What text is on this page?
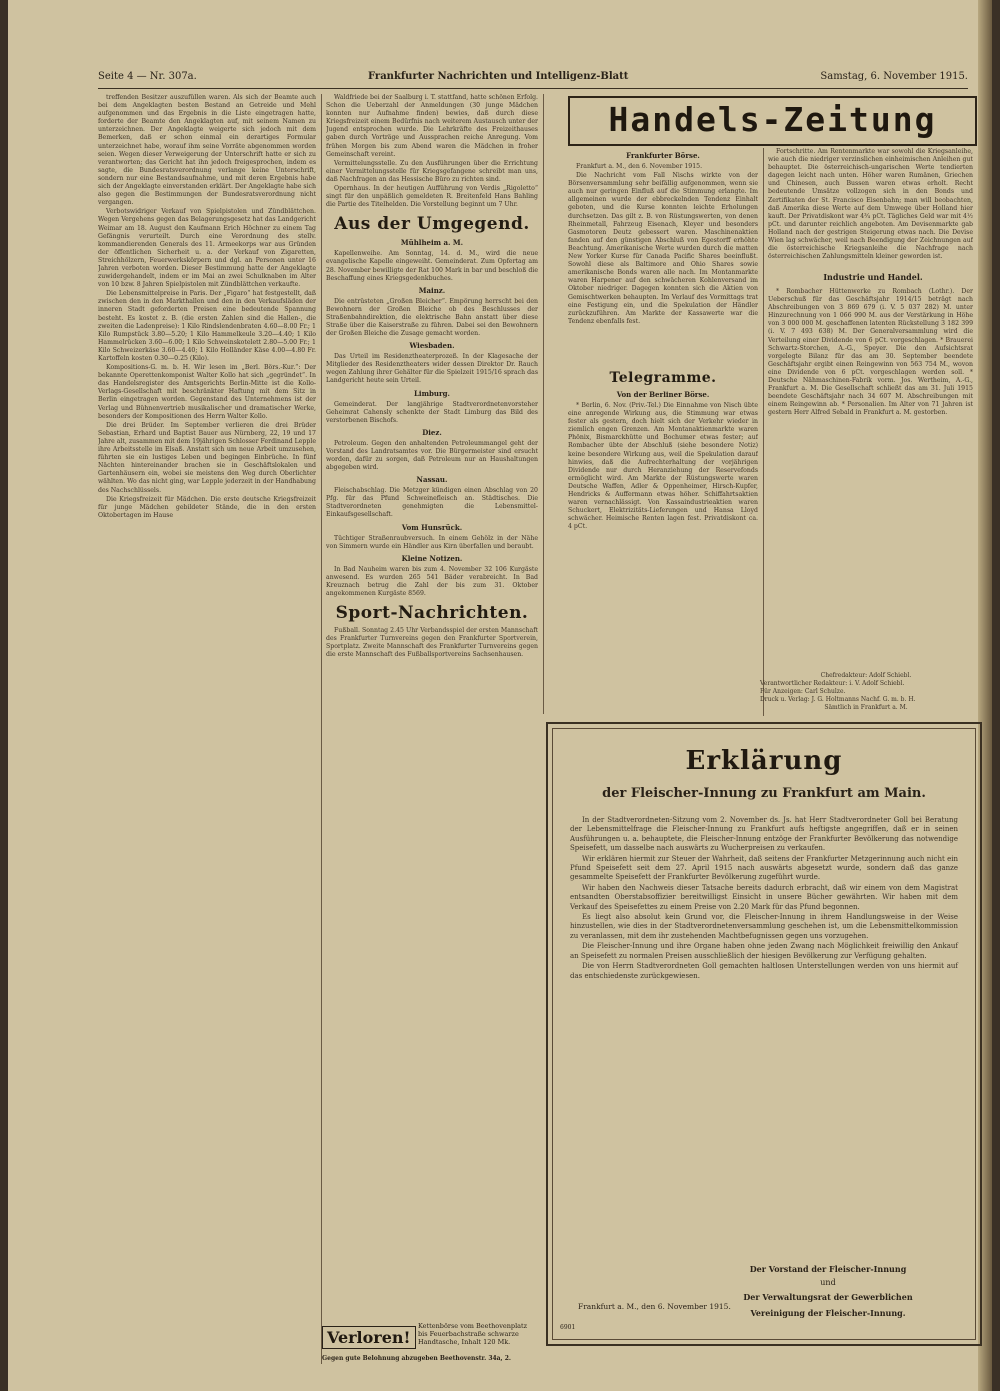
Seite 4 — Nr. 307a.	Frankfurter Nachrichten und Intelligenz-Blatt	Samstag, 6. November 1915.

treffenden Besitzer auszufüllen waren. Als sich der Beamte auch bei dem Angeklagten besten Bestand an Getreide und Mehl aufgenommen und das Ergebnis in die Liste eingetragen hatte, forderte der Beamte den Angeklagten auf, mit seinem Namen zu unterzeichnen. Der Angeklagte weigerte sich jedoch mit dem Bemerken, daß er schon einmal ein derartiges Formular unterzeichnet habe, worauf ihm seine Vorräte abgenommen worden seien. Wegen dieser Verweigerung der Unterschrift hatte er sich zu verantworten; das Gericht hat ihn jedoch freigesprochen, indem es sagte, die Bundesratsverordnung verlange keine Unterschrift, sondern nur eine Bestandsaufnahme, und mit deren Ergebnis habe sich der Angeklagte einverstanden erklärt. Der Angeklagte habe sich also gegen die Bestimmungen der Bundesratsverordnung nicht vergangen.

Verbotswidriger Verkauf von Spielpistolen und Zündblättchen. Wegen Vergehens gegen das Belagerungsgesetz hat das Landgericht Weimar am 18. August den Kaufmann Erich Höchner zu einem Tag Gefängnis verurteilt. Durch eine Verordnung des stellv. kommandierenden Generals des 11. Armeekorps war aus Gründen der öffentlichen Sicherheit u. a. der Verkauf von Zigaretten, Streichhölzern, Feuerwerkskörpern und dgl. an Personen unter 16 Jahren verboten worden. Dieser Bestimmung hatte der Angeklagte zuwidergehandelt, indem er im Mai an zwei Schulknaben im Alter von 10 bzw. 8 Jahren Spielpistolen mit Zündblättchen verkaufte.

Die Lebensmittelpreise in Paris. Der „Figaro“ hat festgestellt, daß zwischen den in den Markthallen und den in den Verkaufsläden der inneren Stadt geforderten Preisen eine bedeutende Spannung besteht. Es kostet z. B. (die ersten Zahlen sind die Hallen-, die zweiten die Ladenpreise): 1 Kilo Rindslendenbraten 4.60—8.00 Fr.; 1 Kilo Rumpstück 3.80—5.20; 1 Kilo Hammelkeule 3.20—4.40; 1 Kilo Hammelrücken 3.60—6.00; 1 Kilo Schweinskotelett 2.80—5.00 Fr.; 1 Kilo Schweizerkäse 3.60—4.40; 1 Kilo Holländer Käse 4.00—4.80 Fr. Kartoffeln kosten 0.30—0.25 (Kilo).

Kompositions-G. m. b. H. Wir lesen im „Berl. Börs.-Kur.“: Der bekannte Operettenkomponist Walter Kollo hat sich „gegründet“. In das Handelsregister des Amtsgerichts Berlin-Mitte ist die Kollo-Verlags-Gesellschaft mit beschränkter Haftung mit dem Sitz in Berlin eingetragen worden. Gegenstand des Unternehmens ist der Verlag und Bühnenvertrieb musikalischer und dramatischer Werke, besonders der Kompositionen des Herrn Walter Kollo.

Die drei Brüder. Im September verlieren die drei Brüder Sebastian, Erhard und Baptist Bauer aus Nürnberg, 22, 19 und 17 Jahre alt, zusammen mit dem 19jährigen Schlosser Ferdinand Lepple ihre Arbeitsstelle im Elsaß. Anstatt sich um neue Arbeit umzusehen, führten sie ein lustiges Leben und begingen Einbrüche. In fünf Nächten hintereinander brachen sie in Geschäftslokalen und Gartenhäusern ein, wobei sie meistens den Weg durch Oberlichter wählten. Wo das nicht ging, war Lepple jederzeit in der Handhabung des Nachschlüssels.

Die Kriegsfreizeit für Mädchen. Die erste deutsche Kriegsfreizeit für junge Mädchen gebildeter Stände, die in den ersten Oktobertagen im Hause

Waldfriede bei der Saalburg i. T. stattfand, hatte schönen Erfolg. Schon die Ueberzahl der Anmeldungen (30 junge Mädchen konnten nur Aufnahme finden) bewies, daß durch diese Kriegsfreizeit einem Bedürfnis nach weiterem Austausch unter der Jugend entsprochen wurde. Die Lehrkräfte des Freizeithauses gaben durch Vorträge und Aussprachen reiche Anregung. Vom frühen Morgen bis zum Abend waren die Mädchen in froher Gemeinschaft vereint.

Vermittelungsstelle. Zu den Ausführungen über die Errichtung einer Vermittelungsstelle für Kriegsgefangene schreibt man uns, daß Nachfragen an das Hessische Büro zu richten sind.

Opernhaus. In der heutigen Aufführung von Verdis „Rigoletto“ singt für den unpäßlich gemeldeten R. Breitenfeld Hans Bahling die Partie des Titelhelden. Die Vorstellung beginnt um 7 Uhr.

Aus der Umgegend.
Mühlheim a. M.

Kapellenweihe. Am Sonntag, 14. d. M., wird die neue evangelische Kapelle eingeweiht. Gemeinderat. Zum Opfertag am 28. November bewilligte der Rat 100 Mark in bar und beschloß die Beschaffung eines Kriegsgedenkbuches.

Mainz.

Die entrüsteten „Großen Bleicher“. Empörung herrscht bei den Bewohnern der Großen Bleiche ob des Beschlusses der Straßenbahndirektion, die elektrische Bahn anstatt über diese Straße über die Kaiserstraße zu führen. Dabei sei den Bewohnern der Großen Bleiche die Zusage gemacht worden.

Wiesbaden.

Das Urteil im Residenztheaterprozeß. In der Klagesache der Mitglieder des Residenztheaters wider dessen Direktor Dr. Rauch wegen Zahlung ihrer Gehälter für die Spielzeit 1915/16 sprach das Landgericht heute sein Urteil.

Limburg.

Gemeinderat. Der langjährige Stadtverordnetenvorsteher Geheimrat Cahensly schenkte der Stadt Limburg das Bild des verstorbenen Bischofs.

Diez.

Petroleum. Gegen den anhaltenden Petroleummangel geht der Vorstand des Landratsamtes vor. Die Bürgermeister sind ersucht worden, dafür zu sorgen, daß Petroleum nur an Haushaltungen abgegeben wird.

Nassau.

Fleischabschlag. Die Metzger kündigen einen Abschlag von 20 Pfg. für das Pfund Schweinefleisch an. Städtisches. Die Stadtverordneten genehmigten die Lebensmittel-Einkaufsgesellschaft.

Vom Hunsrück.

Tüchtiger Straßenraubversuch. In einem Gehölz in der Nähe von Simmern wurde ein Händler aus Kirn überfallen und beraubt.

Kleine Notizen.

In Bad Nauheim waren bis zum 4. November 32 106 Kurgäste anwesend. Es wurden 265 541 Bäder verabreicht. In Bad Kreuznach betrug die Zahl der bis zum 31. Oktober angekommenen Kurgäste 8569.

Sport-Nachrichten.

Fußball. Sonntag 2.45 Uhr Verbandsspiel der ersten Mannschaft des Frankfurter Turnvereins gegen den Frankfurter Sportverein, Sportplatz. Zweite Mannschaft des Frankfurter Turnvereins gegen die erste Mannschaft des Fußballsportvereins Sachsenhausen.

Verloren!
Kettenbörse vom Beethovenplatz bis Feuerbachstraße schwarze Handtasche, Inhalt 120 Mk.
Gegen gute Belohnung abzugeben Beethovenstr. 34a, 2.
Handels-Zeitung
Frankfurter Börse.

Frankfurt a. M., den 6. November 1915.

Die Nachricht vom Fall Nischs wirkte von der Börsenversammlung sehr beifällig aufgenommen, wenn sie auch nur geringen Einfluß auf die Stimmung erlangte. Im allgemeinen wurde der ebbreckelnden Tendenz Einhalt geboten, und die Kurse konnten leichte Erholungen durchsetzen. Das gilt z. B. von Rüstungswerten, von denen Rheinmetall, Fahrzeug Eisenach, Kleyer und besonders Gasmotoren Deutz gebessert waren. Maschinenaktien fanden auf den günstigen Abschluß von Egestorff erhöhte Beachtung. Amerikanische Werte wurden durch die matten New Yorker Kurse für Canada Pacific Shares beeinflußt. Sowohl diese als Baltimore and Ohio Shares sowie amerikanische Bonds waren alle nach. Im Montanmarkte waren Harpener auf den schwächeren Kohlenversand im Oktober niedriger. Dagegen konnten sich die Aktien von Gemischtwerken behaupten. Im Verlauf des Vormittags trat eine Festigung ein, und die Spekulation der Händler zurückzuführen. Am Markte der Kassawerte war die Tendenz ebenfalls fest.

Telegramme.
Von der Berliner Börse.

* Berlin, 6. Nov. (Priv.-Tel.) Die Einnahme von Nisch übte eine anregende Wirkung aus, die Stimmung war etwas fester als gestern, doch hielt sich der Verkehr wieder in ziemlich engen Grenzen. Am Montanaktienmarkte waren Phönix, Bismarckhütte und Bochumer etwas fester; auf Rombacher übte der Abschluß (siehe besondere Notiz) keine besondere Wirkung aus, weil die Spekulation darauf hinwies, daß die Aufrechterhaltung der vorjährigen Dividende nur durch Heranziehung der Reservefonds ermöglicht wird. Am Markte der Rüstungswerte waren Deutsche Waffen, Adler & Oppenheimer, Hirsch-Kupfer, Hendricks & Auffermann etwas höher. Schiffahrtsaktien waren vernachlässigt. Von Kassaindustrieaktien waren Schuckert, Elektrizitäts-Lieferungen und Hansa Lloyd schwächer. Heimische Renten lagen fest. Privatdiskont ca. 4 pCt.

Fortschritte. Am Rentenmarkte war sowohl die Kriegsanleihe, wie auch die niedriger verzinslichen einheimischen Anleihen gut behauptet. Die österreichisch-ungarischen Werte tendierten dagegen leicht nach unten. Höher waren Rumänen, Griechen und Chinesen, auch Bussen waren etwas erholt. Recht bedeutende Umsätze vollzogen sich in den Bonds und Zertifikaten der St. Francisco Eisenbahn; man will beobachten, daß Amerika diese Werte auf dem Umwege über Holland hier kauft. Der Privatdiskont war 4¾ pCt. Tägliches Geld war mit 4½ pCt. und darunter reichlich angeboten. Am Devisenmarkte gab Holland nach der gestrigen Steigerung etwas nach. Die Devise Wien lag schwächer, weil nach Beendigung der Zeichnungen auf die österreichische Kriegsanleihe die Nachfrage nach österreichischen Zahlungsmitteln kleiner geworden ist.

Industrie und Handel.

* Rombacher Hüttenwerke zu Rombach (Lothr.). Der Ueberschuß für das Geschäftsjahr 1914/15 beträgt nach Abschreibungen von 3 869 679 (i. V. 5 037 282) M. unter Hinzurechnung von 1 066 990 M. aus der Verstärkung in Höhe von 3 000 000 M. geschaffenen latenten Rückstellung 3 182 399 (i. V. 7 493 638) M. Der Generalversammlung wird die Verteilung einer Dividende von 6 pCt. vorgeschlagen. * Brauerei Schwartz-Storchen, A.-G., Speyer. Die den Aufsichtsrat vorgelegte Bilanz für das am 30. September beendete Geschäftsjahr ergibt einen Reingewinn von 563 754 M., wovon eine Dividende von 6 pCt. vorgeschlagen werden soll. * Deutsche Nähmaschinen-Fabrik vorm. Jos. Wertheim, A.-G., Frankfurt a. M. Die Gesellschaft schließt das am 31. Juli 1915 beendete Geschäftsjahr nach 34 607 M. Abschreibungen mit einem Reingewinn ab. * Personalien. Im Alter von 71 Jahren ist gestern Herr Alfred Sebald in Frankfurt a. M. gestorben.

Chefredakteur: Adolf Schiebl.
Verantwortlicher Redakteur: i. V. Adolf Schiebl.
Für Anzeigen: Carl Schulze.
Druck u. Verlag: J. G. Holtmanns Nachf. G. m. b. H.
Sämtlich in Frankfurt a. M.
Erklärung
der Fleischer-Innung zu Frankfurt am Main.

In der Stadtverordneten-Sitzung vom 2. November ds. Js. hat Herr Stadtverordneter Goll bei Beratung der Lebensmittelfrage die Fleischer-Innung zu Frankfurt aufs heftigste angegriffen, daß er in seinen Ausführungen u. a. behauptete, die Fleischer-Innung entzöge der Frankfurter Bevölkerung das notwendige Speisefett, um dasselbe nach auswärts zu Wucherpreisen zu verkaufen.

Wir erklären hiermit zur Steuer der Wahrheit, daß seitens der Frankfurter Metzgerinnung auch nicht ein Pfund Speisefett seit dem 27. April 1915 nach auswärts abgesetzt wurde, sondern daß das ganze gesammelte Speisefett der Frankfurter Bevölkerung zugeführt wurde.

Wir haben den Nachweis dieser Tatsache bereits dadurch erbracht, daß wir einem von dem Magistrat entsandten Oberstabsoffizier bereitwilligst Einsicht in unsere Bücher gewährten. Wir haben mit dem Verkauf des Speisefettes zu einem Preise von 2.20 Mark für das Pfund begonnen.

Es liegt also absolut kein Grund vor, die Fleischer-Innung in ihrem Handlungsweise in der Weise hinzustellen, wie dies in der Stadtverordnetenversammlung geschehen ist, um die Lebensmittelkommission zu veranlassen, mit dem ihr zustehenden Machtbefugnissen gegen uns vorzugehen.

Die Fleischer-Innung und ihre Organe haben ohne jeden Zwang nach Möglichkeit freiwillig den Ankauf an Speisefett zu normalen Preisen ausschließlich der hiesigen Bevölkerung zur Verfügung gehalten.

Die von Herrn Stadtverordneten Goll gemachten haltlosen Unterstellungen werden von uns hiermit auf das entschiedenste zurückgewiesen.

Frankfurt a. M., den 6. November 1915.
Der Vorstand der Fleischer-Innung
und
Der Verwaltungsrat der Gewerblichen
Vereinigung der Fleischer-Innung.
6901
